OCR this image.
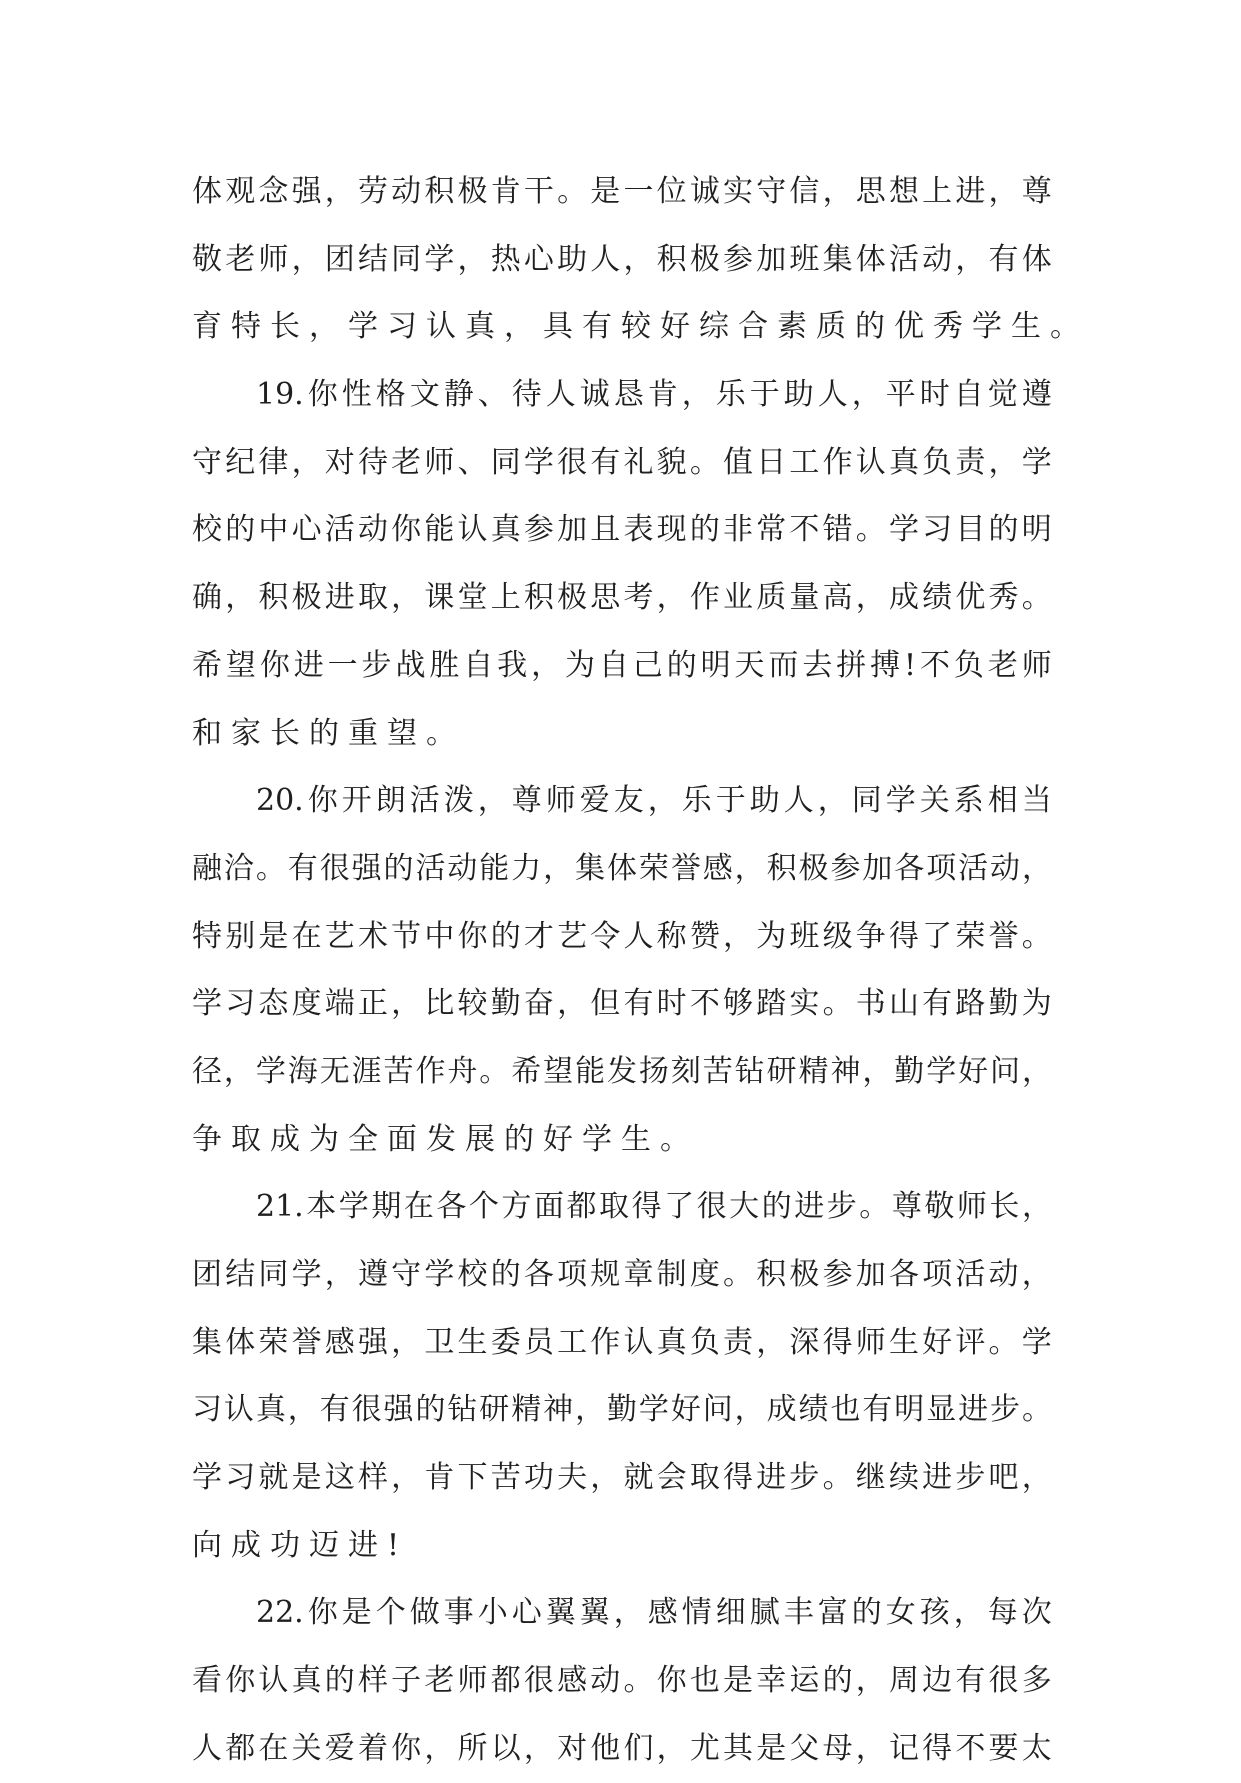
体 观 念 强 ， 劳 动 积 极 肯 干 。 是 一 位 诚 实 守 信 ， 思 想 上 进 ， 尊
敬 老 师 ， 团 结 同 学 ， 热 心 助 人 ， 积 极 参 加 班 集 体 活 动 ， 有 体
育特长，学习认真，具有较好综合素质的优秀学生。
19. 你 性 格 文 静 、 待 人 诚 恳 肯 ， 乐 于 助 人 ， 平 时 自 觉 遵
守 纪 律 ， 对 待 老 师 、 同 学 很 有 礼 貌 。 值 日 工 作 认 真 负 责 ， 学
校 的 中 心 活 动 你 能 认 真 参 加 且 表 现 的 非 常 不 错 。 学 习 目 的 明
确 ， 积 极 进 取 ， 课 堂 上 积 极 思 考 ， 作 业 质 量 高 ， 成 绩 优 秀 。
希 望 你 进 一 步 战 胜 自 我 ， 为 自 己 的 明 天 而 去 拼 搏 ! 不 负 老 师
和家长的重望。
20. 你 开 朗 活 泼 ， 尊 师 爱 友 ， 乐 于 助 人 ， 同 学 关 系 相 当
融 洽 。 有 很 强 的 活 动 能 力 ， 集 体 荣 誉 感 ， 积 极 参 加 各 项 活 动 ，
特 别 是 在 艺 术 节 中 你 的 才 艺 令 人 称 赞 ， 为 班 级 争 得 了 荣 誉 。
学 习 态 度 端 正 ， 比 较 勤 奋 ， 但 有 时 不 够 踏 实 。 书 山 有 路 勤 为
径 ， 学 海 无 涯 苦 作 舟 。 希 望 能 发 扬 刻 苦 钻 研 精 神 ， 勤 学 好 问 ，
争取成为全面发展的好学生。
21. 本 学 期 在 各 个 方 面 都 取 得 了 很 大 的 进 步 。 尊 敬 师 长 ，
团 结 同 学 ， 遵 守 学 校 的 各 项 规 章 制 度 。 积 极 参 加 各 项 活 动 ，
集 体 荣 誉 感 强 ， 卫 生 委 员 工 作 认 真 负 责 ， 深 得 师 生 好 评 。 学
习 认 真 ， 有 很 强 的 钻 研 精 神 ， 勤 学 好 问 ， 成 绩 也 有 明 显 进 步 。
学 习 就 是 这 样 ， 肯 下 苦 功 夫 ， 就 会 取 得 进 步 。 继 续 进 步 吧 ，
向成功迈进!
22. 你 是 个 做 事 小 心 翼 翼 ， 感 情 细 腻 丰 富 的 女 孩 ， 每 次
看 你 认 真 的 样 子 老 师 都 很 感 动 。 你 也 是 幸 运 的 ， 周 边 有 很 多
人 都 在 关 爱 着 你 ， 所 以 ， 对 他 们 ， 尤 其 是 父 母 ， 记 得 不 要 太
